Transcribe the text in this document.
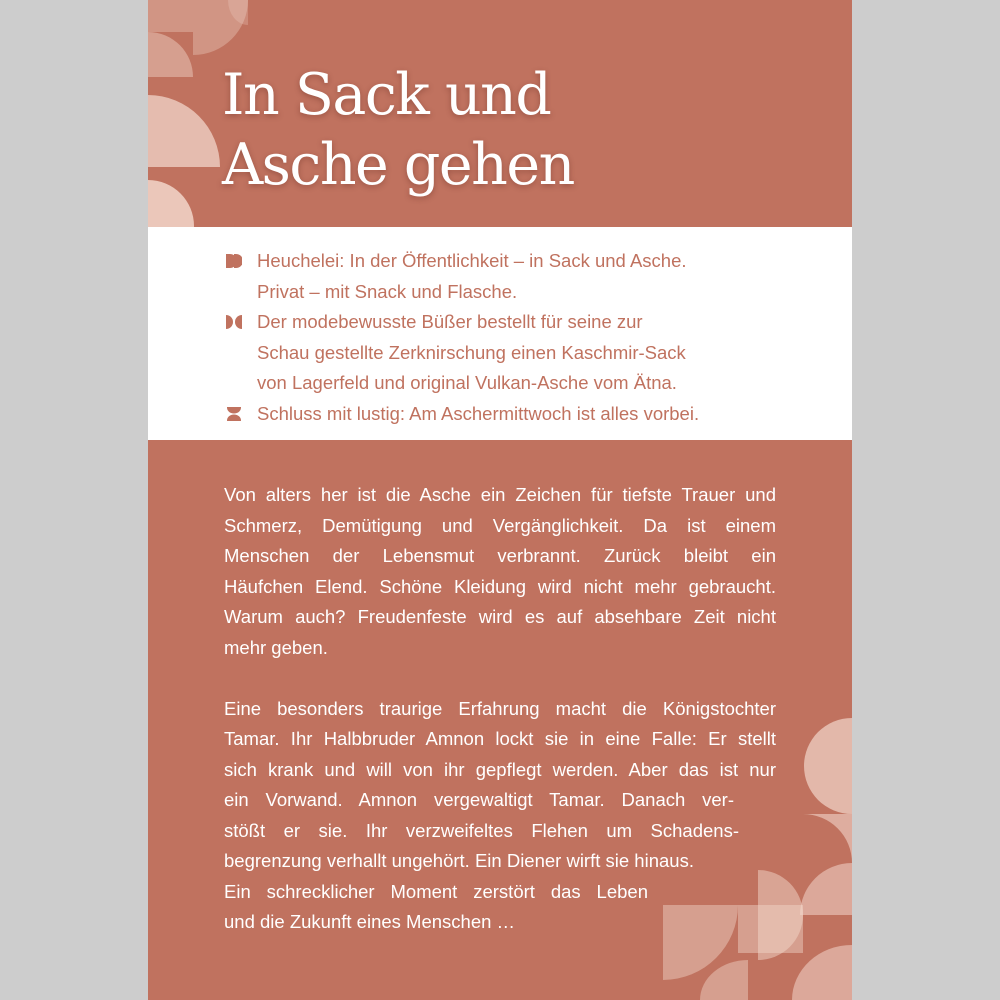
In Sack und
Asche gehen
Heuchelei: In der Öffentlichkeit – in Sack und Asche.
Privat – mit Snack und Flasche.
Der modebewusste Büßer bestellt für seine zur
Schau gestellte Zerknirschung einen Kaschmir-Sack
von Lagerfeld und original Vulkan-Asche vom Ätna.
Schluss mit lustig: Am Aschermittwoch ist alles vorbei.
Von alters her ist die Asche ein Zeichen für tiefste Trauer und
Schmerz, Demütigung und Vergänglichkeit. Da ist einem
Menschen der Lebensmut verbrannt. Zurück bleibt ein
Häufchen Elend. Schöne Kleidung wird nicht mehr gebraucht.
Warum auch? Freudenfeste wird es auf absehbare Zeit nicht
mehr geben.
Eine besonders traurige Erfahrung macht die Königstochter
Tamar. Ihr Halbbruder Amnon lockt sie in eine Falle: Er stellt
sich krank und will von ihr gepflegt werden. Aber das ist nur
ein Vorwand. Amnon vergewaltigt Tamar. Danach ver-
stößt er sie. Ihr verzweifeltes Flehen um Schadens-
begrenzung verhallt ungehört. Ein Diener wirft sie hinaus.
Ein schrecklicher Moment zerstört das Leben
und die Zukunft eines Menschen …
